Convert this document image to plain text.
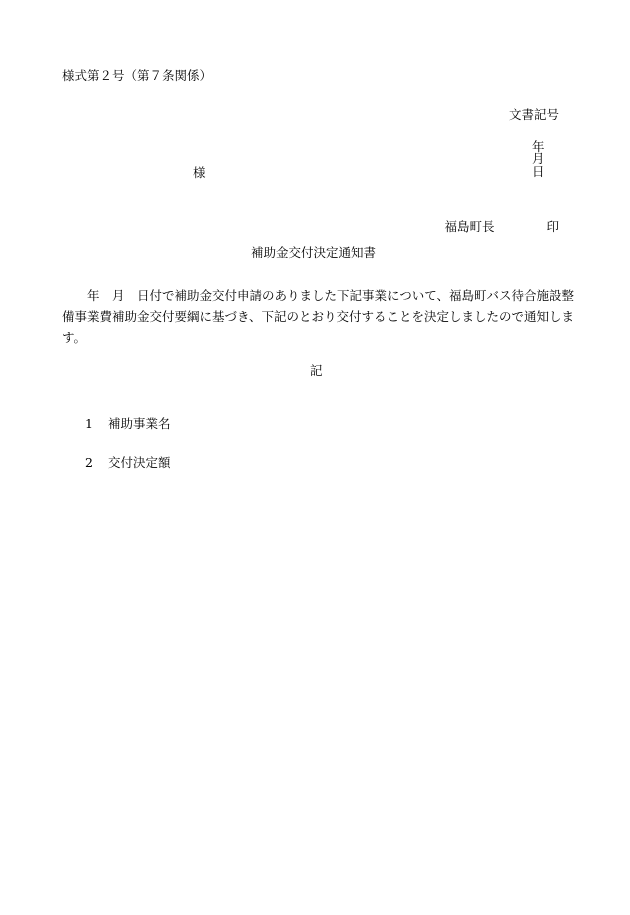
様式第２号（第７条関係）
文書記号

年　
月　
日

様

福島町長	印

補助金交付決定通知書
年　月　日付で補助金交付申請のありました下記事業について、福島町バス待合施設整備事業費補助金交付要綱に基づき、下記のとおり交付することを決定しましたので通知します。
記

1 補助事業名

2 交付決定額
